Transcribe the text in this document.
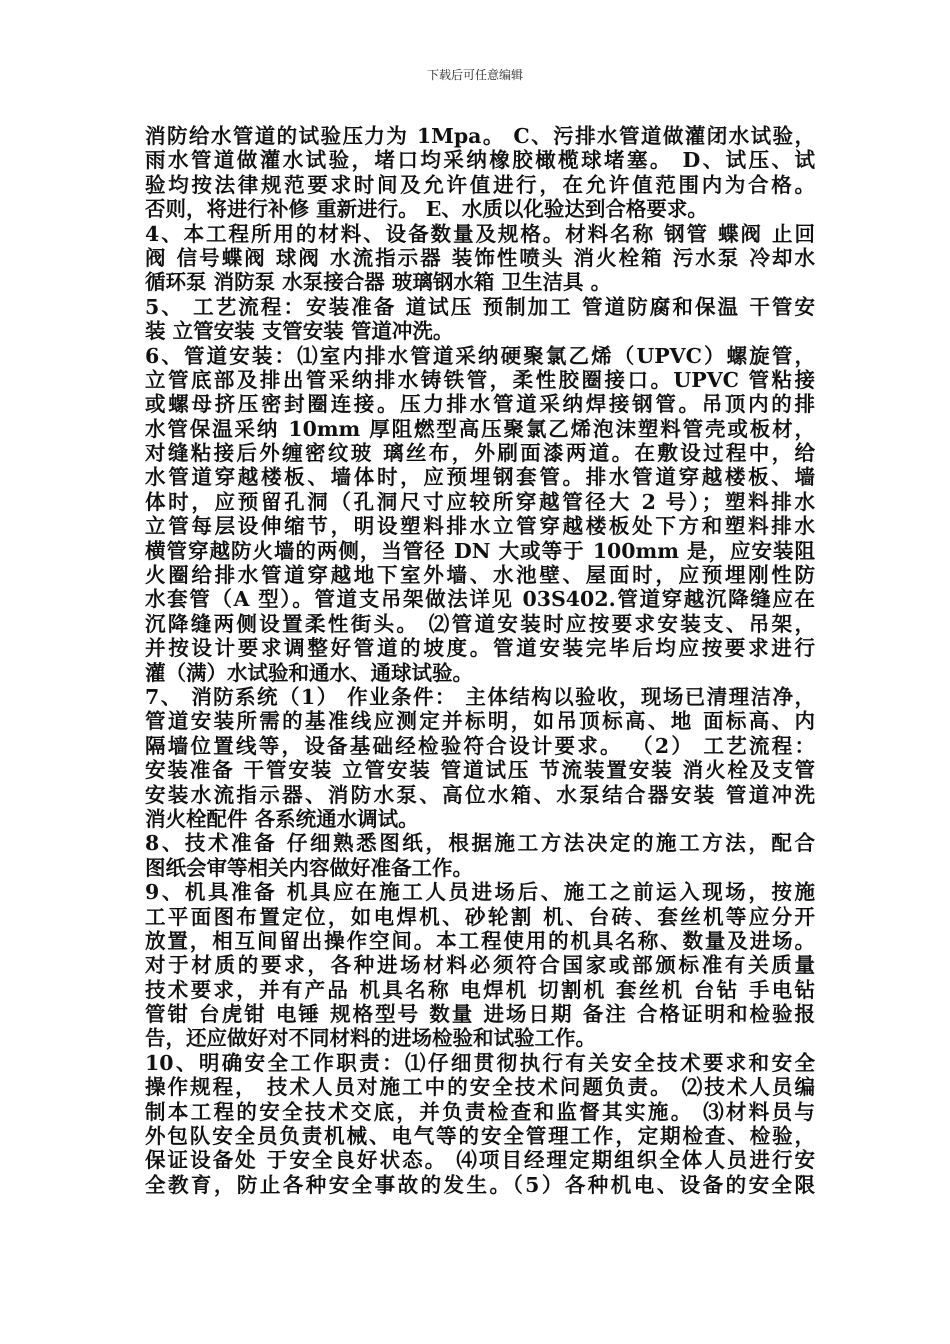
下载后可任意编辑
消防给水管道的试验压力为 1Mpa。 C、污排水管道做灌闭水试验，
雨水管道做灌水试验，堵口均采纳橡胶橄榄球堵塞。 D、试压、试
验均按法律规范要求时间及允许值进行，在允许值范围内为合格。
否则，将进行补修 重新进行。 E、水质以化验达到合格要求。
4、本工程所用的材料、设备数量及规格。材料名称 钢管 蝶阀 止回
阀 信号蝶阀 球阀 水流指示器 装饰性喷头 消火栓箱 污水泵 冷却水
循环泵 消防泵 水泵接合器 玻璃钢水箱 卫生洁具 。
5、 工艺流程：安装准备 道试压 预制加工 管道防腐和保温 干管安
装 立管安装 支管安装 管道冲洗。
6、管道安装：⑴室内排水管道采纳硬聚氯乙烯（UPVC）螺旋管，
立管底部及排出管采纳排水铸铁管，柔性胶圈接口。UPVC 管粘接
或螺母挤压密封圈连接。压力排水管道采纳焊接钢管。吊顶内的排
水管保温采纳 10mm 厚阻燃型高压聚氯乙烯泡沫塑料管壳或板材，
对缝粘接后外缠密纹玻 璃丝布，外刷面漆两道。在敷设过程中，给
水管道穿越楼板、墙体时，应预埋钢套管。排水管道穿越楼板、墙
体时，应预留孔洞（孔洞尺寸应较所穿越管径大 2 号）；塑料排水
立管每层设伸缩节，明设塑料排水立管穿越楼板处下方和塑料排水
横管穿越防火墙的两侧，当管径 DN 大或等于 100mm 是，应安装阻
火圈给排水管道穿越地下室外墙、水池壁、屋面时，应预埋刚性防
水套管（A 型）。管道支吊架做法详见 03S402.管道穿越沉降缝应在
沉降缝两侧设置柔性街头。 ⑵管道安装时应按要求安装支、吊架，
并按设计要求调整好管道的坡度。管道安装完毕后均应按要求进行
灌（满）水试验和通水、通球试验。
7、 消防系统（1） 作业条件： 主体结构以验收，现场已清理洁净，
管道安装所需的基准线应测定并标明，如吊顶标高、地 面标高、内
隔墙位置线等，设备基础经检验符合设计要求。 （2） 工艺流程：
安装准备 干管安装 立管安装 管道试压 节流装置安装 消火栓及支管
安装水流指示器、消防水泵、高位水箱、水泵结合器安装 管道冲洗
消火栓配件 各系统通水调试。
8、技术准备 仔细熟悉图纸，根据施工方法决定的施工方法，配合
图纸会审等相关内容做好准备工作。
9、机具准备 机具应在施工人员进场后、施工之前运入现场，按施
工平面图布置定位，如电焊机、砂轮割 机、台砖、套丝机等应分开
放置，相互间留出操作空间。本工程使用的机具名称、数量及进场。
对于材质的要求，各种进场材料必须符合国家或部颁标准有关质量
技术要求，并有产品 机具名称 电焊机 切割机 套丝机 台钻 手电钻
管钳 台虎钳 电锤 规格型号 数量 进场日期 备注 合格证明和检验报
告，还应做好对不同材料的进场检验和试验工作。
10、明确安全工作职责：⑴仔细贯彻执行有关安全技术要求和安全
操作规程， 技术人员对施工中的安全技术问题负责。 ⑵技术人员编
制本工程的安全技术交底，并负责检查和监督其实施。 ⑶材料员与
外包队安全员负责机械、电气等的安全管理工作，定期检查、检验，
保证设备处 于安全良好状态。 ⑷项目经理定期组织全体人员进行安
全教育，防止各种安全事故的发生。（5）各种机电、设备的安全限
